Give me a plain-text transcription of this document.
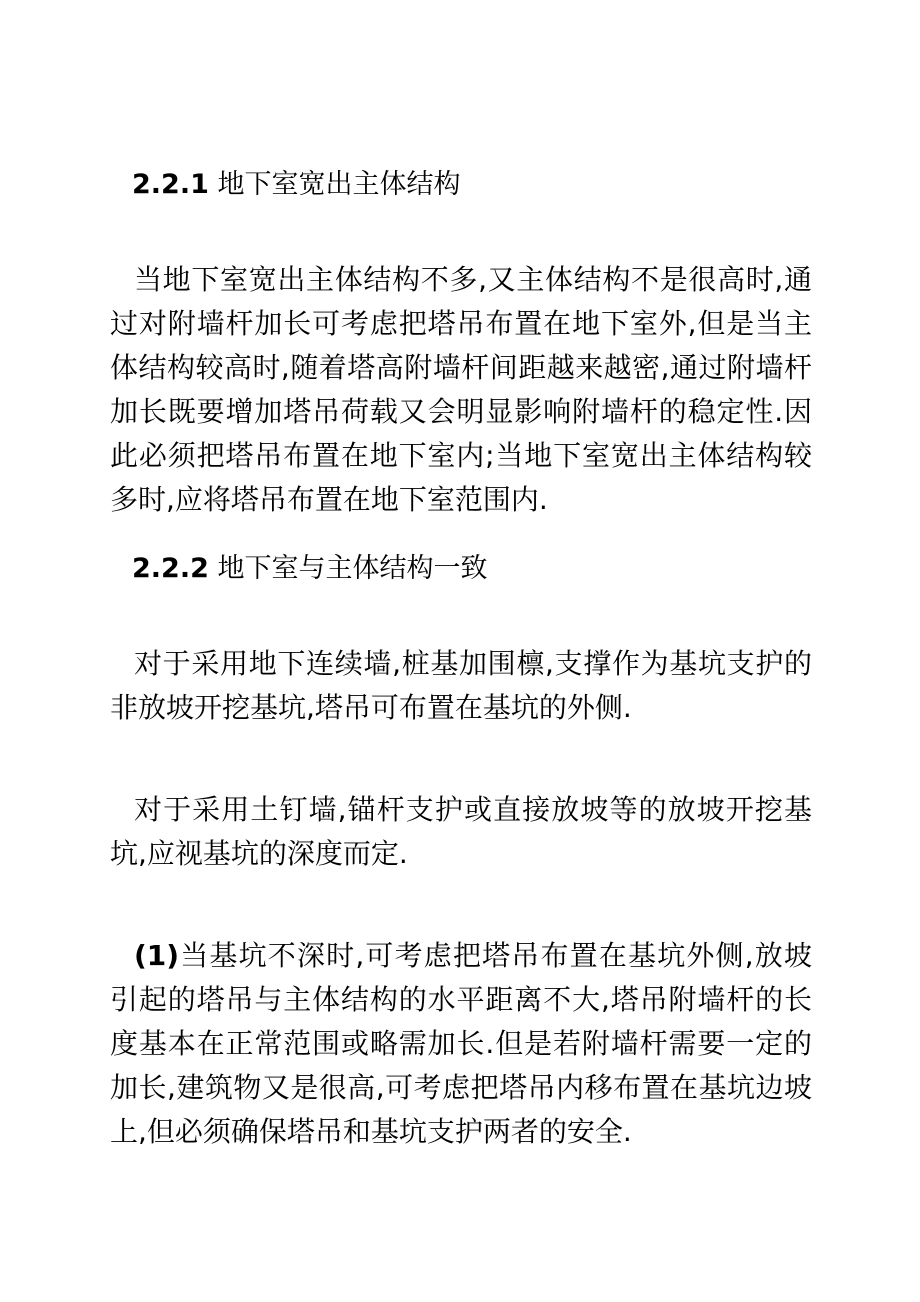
2.2.1 地下室宽出主体结构

当地下室宽出主体结构不多,又主体结构不是很高时,通过对附墙杆加长可考虑把塔吊布置在地下室外,但是当主体结构较高时,随着塔高附墙杆间距越来越密,通过附墙杆加长既要增加塔吊荷载又会明显影响附墙杆的稳定性.因此必须把塔吊布置在地下室内;当地下室宽出主体结构较多时,应将塔吊布置在地下室范围内.

2.2.2 地下室与主体结构一致

对于采用地下连续墙,桩基加围檩,支撑作为基坑支护的非放坡开挖基坑,塔吊可布置在基坑的外侧.

对于采用土钉墙,锚杆支护或直接放坡等的放坡开挖基坑,应视基坑的深度而定.

(1)当基坑不深时,可考虑把塔吊布置在基坑外侧,放坡引起的塔吊与主体结构的水平距离不大,塔吊附墙杆的长度基本在正常范围或略需加长.但是若附墙杆需要一定的加长,建筑物又是很高,可考虑把塔吊内移布置在基坑边坡上,但必须确保塔吊和基坑支护两者的安全.
